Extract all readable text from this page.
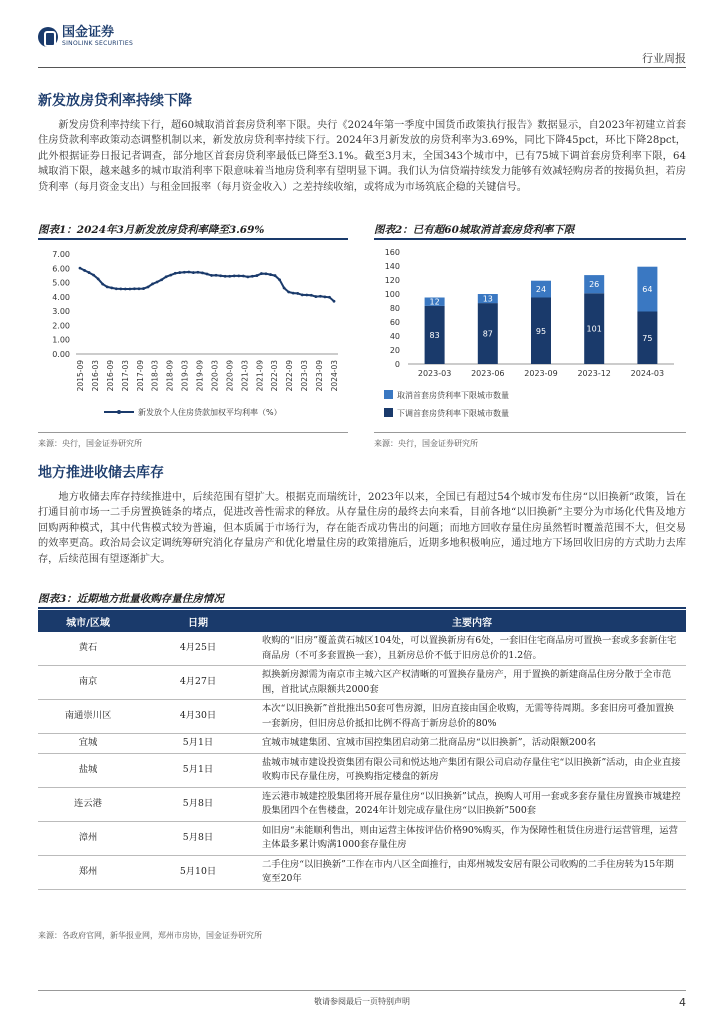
国金证券
SINOLINK SECURITIES
行业周报
新发放房贷利率持续下降
新发房贷利率持续下行，超60城取消首套房贷利率下限。央行《2024年第一季度中国货币政策执行报告》数据显示，自2023年初建立首套住房贷款利率政策动态调整机制以来，新发放房贷利率持续下行。2024年3月新发放的房贷利率为3.69%，同比下降45pct，环比下降28pct，此外根据证券日报记者调查，部分地区首套房贷利率最低已降至3.1%。截至3月末，全国343个城市中，已有75城下调首套房贷利率下限，64城取消下限，越来越多的城市取消利率下限意味着当地房贷利率有望明显下调。我们认为信贷端持续发力能够有效减轻购房者的按揭负担，若房贷利率（每月资金支出）与租金回报率（每月资金收入）之差持续收缩，或将成为市场筑底企稳的关键信号。
图表1：2024年3月新发放房贷利率降至3.69%	图表2：已有超60城取消首套房贷利率下限
7.00
6.00
5.00
4.00
3.00
2.00
1.00
0.00
2015-09 2016-03 2016-09 2017-03 2017-09 2018-03 2018-09 2019-03 2019-09 2020-03 2020-09 2021-03 2021-09 2022-03 2022-09 2023-03 2023-09 2024-03
新发放个人住房贷款加权平均利率（%）
160
140
120
100
80
60
40
20
0
83
12
2023-03
87
13
2023-06
95
24
2023-09
101
26
2023-12
75
64
2024-03
取消首套房贷利率下限城市数量
下调首套房贷利率下限城市数量
来源：央行，国金证券研究所	来源：央行，国金证券研究所
地方推进收储去库存
地方收储去库存持续推进中，后续范围有望扩大。根据克而瑞统计，2023年以来，全国已有超过54个城市发布住房“以旧换新”政策，旨在打通目前市场一二手房置换链条的堵点，促进改善性需求的释放。从存量住房的最终去向来看，目前各地“以旧换新”主要分为市场化代售及地方回购两种模式，其中代售模式较为普遍，但本质属于市场行为，存在能否成功售出的问题；而地方回收存量住房虽然暂时覆盖范围不大，但交易的效率更高。政治局会议定调统筹研究消化存量房产和优化增量住房的政策措施后，近期多地积极响应，通过地方下场回收旧房的方式助力去库存，后续范围有望逐渐扩大。
图表3：近期地方批量收购存量住房情况
城市/区域	日期	主要内容
黄石	4月25日	收购的“旧房”覆盖黄石城区104处，可以置换新房有6处，一套旧住宅商品房可置换一套或多套新住宅商品房（不可多套置换一套），且新房总价不低于旧房总价的1.2倍。
南京	4月27日	拟换新房源需为南京市主城六区产权清晰的可置换存量房产，用于置换的新建商品住房分散于全市范围，首批试点限额共2000套
南通崇川区	4月30日	本次“以旧换新”首批推出50套可售房源，旧房直接由国企收购，无需等待周期。多套旧房可叠加置换一套新房，但旧房总价抵扣比例不得高于新房总价的80%
宜城	5月1日	宜城市城建集团、宜城市国控集团启动第二批商品房“以旧换新”，活动限额200名
盐城	5月1日	盐城市城市建设投资集团有限公司和悦达地产集团有限公司启动存量住宅“以旧换新”活动，由企业直接收购市民存量住房，可换购指定楼盘的新房
连云港	5月8日	连云港市城建控股集团将开展存量住房“以旧换新”试点，换购人可用一套或多套存量住房置换市城建控股集团四个在售楼盘，2024年计划完成存量住房“以旧换新”500套
漳州	5月8日	如旧房“未能顺利售出，则由运营主体按评估价格90%购买，作为保障性租赁住房进行运营管理，运营主体最多累计购满1000套存量住房
郑州	5月10日	二手住房“以旧换新”工作在市内八区全面推行，由郑州城发安居有限公司收购的二手住房转为15年期宽至20年
来源：各政府官网，新华报业网，郑州市房协，国金证券研究所
敬请参阅最后一页特别声明	4
